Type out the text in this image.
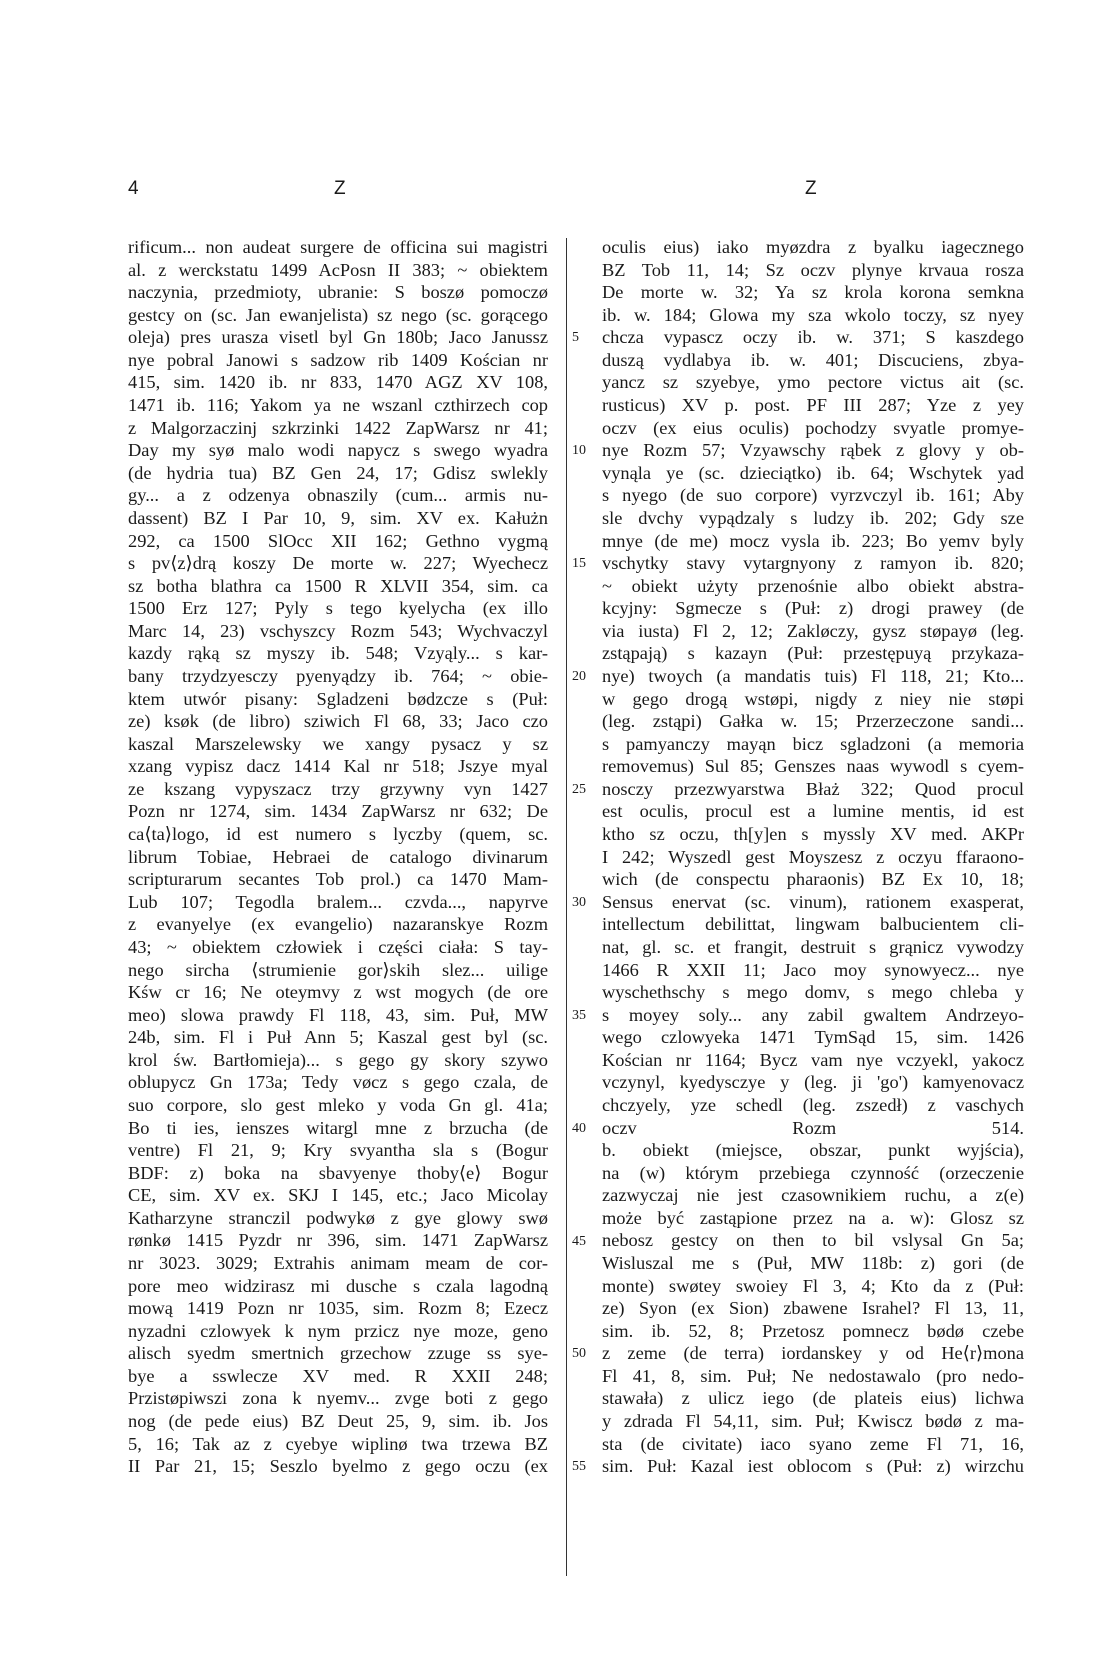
4	Z	Z
rificum... non audeat surgere de officina sui magistri
al. z werckstatu 1499 AcPosn II 383; ~ obiektem
naczynia, przedmioty, ubranie: S boszø pomoczø
gestcy on (sc. Jan ewanjelista) sz nego (sc. gorącego
oleja) pres urasza visetl byl Gn 180b; Jaco Janussz
nye pobral Janowi s sadzow rib 1409 Kościan nr
415, sim. 1420 ib. nr 833, 1470 AGZ XV 108,
1471 ib. 116; Yakom ya ne wszanl czthirzech cop
z Malgorzaczinj szkrzinki 1422 ZapWarsz nr 41;
Day my syø malo wodi napycz s swego wyadra
(de hydria tua) BZ Gen 24, 17; Gdisz swlekly
gy... a z odzenya obnaszily (cum... armis nu-
dassent) BZ I Par 10, 9, sim. XV ex. Kałużn
292, ca 1500 SlOcc XII 162; Gethno vygmą
s pv⟨z⟩drą koszy De morte w. 227; Wyechecz
sz botha blathra ca 1500 R XLVII 354, sim. ca
1500 Erz 127; Pyly s tego kyelycha (ex illo
Marc 14, 23) vschyszcy Rozm 543; Wychvaczyl
kazdy rąką sz myszy ib. 548; Vzyąly... s kar-
bany trzydzyesczy pyenyądzy ib. 764; ~ obie-
ktem utwór pisany: Sgladzeni bødzcze s (Puł:
ze) ksøk (de libro) sziwich Fl 68, 33; Jaco czo
kaszal Marszelewsky we xangy pysacz y sz
xzang vypisz dacz 1414 Kal nr 518; Jszye myal
ze kszang vypyszacz trzy grzywny vyn 1427
Pozn nr 1274, sim. 1434 ZapWarsz nr 632; De
ca⟨ta⟩logo, id est numero s lyczby (quem, sc.
librum Tobiae, Hebraei de catalogo divinarum
scripturarum secantes Tob prol.) ca 1470 Mam-
Lub 107; Tegodla bralem... czvda..., napyrve
z evanyelye (ex evangelio) nazaranskye Rozm
43; ~ obiektem człowiek i części ciała: S tay-
nego sircha ⟨strumienie gor⟩skih slez... uilige
Kśw cr 16; Ne oteymvy z wst mogych (de ore
meo) slowa prawdy Fl 118, 43, sim. Puł, MW
24b, sim. Fl i Puł Ann 5; Kaszal gest byl (sc.
krol św. Bartłomieja)... s gego gy skory szywo
oblupycz Gn 173a; Tedy vøcz s gego czala, de
suo corpore, slo gest mleko y voda Gn gl. 41a;
Bo ti ies, ienszes witargl mne z brzucha (de
ventre) Fl 21, 9; Kry svyantha sla s (Bogur
BDF: z) boka na sbavyenye thoby⟨e⟩ Bogur
CE, sim. XV ex. SKJ I 145, etc.; Jaco Micolay
Katharzyne stranczil podwykø z gye glowy swø
rønkø 1415 Pyzdr nr 396, sim. 1471 ZapWarsz
nr 3023. 3029; Extrahis animam meam de cor-
pore meo widzirasz mi dusche s czala lagodną
mową 1419 Pozn nr 1035, sim. Rozm 8; Ezecz
nyzadni czlowyek k nym przicz nye moze, geno
alisch syedm smertnich grzechow zzuge ss sye-
bye a sswlecze XV med. R XXII 248;
Przistøpiwszi zona k nyemv... zvge boti z gego
nog (de pede eius) BZ Deut 25, 9, sim. ib. Jos
5, 16; Tak az z cyebye wiplinø twa trzewa BZ
II Par 21, 15; Seszlo byelmo z gego oczu (ex
5
10
15
20
25
30
35
40
45
50
55
oculis eius) iako myøzdra z byalku iagecznego
BZ Tob 11, 14; Sz oczv plynye krvaua rosza
De morte w. 32; Ya sz krola korona semkna
ib. w. 184; Glowa my sza wkolo toczy, sz nyey
chcza vypascz oczy ib. w. 371; S kaszdego
duszą vydlabya ib. w. 401; Discuciens, zbya-
yancz sz szyebye, ymo pectore victus ait (sc.
rusticus) XV p. post. PF III 287; Yze z yey
oczv (ex eius oculis) pochodzy svyatle promye-
nye Rozm 57; Vzyawschy rąbek z glovy y ob-
vynąla ye (sc. dzieciątko) ib. 64; Wschytek yad
s nyego (de suo corpore) vyrzvczyl ib. 161; Aby
sle dvchy vypądzaly s ludzy ib. 202; Gdy sze
mnye (de me) mocz vysla ib. 223; Bo yemv byly
vschytky stavy vytargnyony z ramyon ib. 820;
~ obiekt użyty przenośnie albo obiekt abstra-
kcyjny: Sgmecze s (Puł: z) drogi prawey (de
via iusta) Fl 2, 12; Zakløczy, gysz støpayø (leg.
zstąpają) s kazayn (Puł: przestępuyą przykaza-
nye) twoych (a mandatis tuis) Fl 118, 21; Kto...
w gego drogą wstøpi, nigdy z niey nie støpi
(leg. zstąpi) Gałka w. 15; Przerzeczone sandi...
s pamyanczy mayąn bicz sgladzoni (a memoria
removemus) Sul 85; Genszes naas wywodl s cyem-
nosczy przezwyarstwa Błaż 322; Quod procul
est oculis, procul est a lumine mentis, id est
ktho sz oczu, th[y]en s myssly XV med. AKPr
I 242; Wyszedl gest Moyszesz z oczyu ffaraono-
wich (de conspectu pharaonis) BZ Ex 10, 18;
Sensus enervat (sc. vinum), rationem exasperat,
intellectum debilittat, lingwam balbucientem cli-
nat, gl. sc. et frangit, destruit s grąnicz vywodzy
1466 R XXII 11; Jaco moy synowyecz... nye
wyschethschy s mego domv, s mego chleba y
s moyey soly... any zabil gwaltem Andrzeyo-
wego czlowyeka 1471 TymSąd 15, sim. 1426
Kościan nr 1164; Bycz vam nye vczyekl, yakocz
vczynyl, kyedysczye y (leg. ji 'go') kamyenovacz
chczyely, yze schedl (leg. zszedł) z vaschych
oczv Rozm 514.
b. obiekt (miejsce, obszar, punkt wyjścia),
na (w) którym przebiega czynność (orzeczenie
zazwyczaj nie jest czasownikiem ruchu, a z(e)
może być zastąpione przez na a. w): Glosz sz
nebosz gestcy on then to bil vslysal Gn 5a;
Wisluszal me s (Puł, MW 118b: z) gori (de
monte) swøtey swoiey Fl 3, 4; Kto da z (Puł:
ze) Syon (ex Sion) zbawene Israhel? Fl 13, 11,
sim. ib. 52, 8; Przetosz pomnecz bødø czebe
z zeme (de terra) iordanskey y od He⟨r⟩mona
Fl 41, 8, sim. Puł; Ne nedostawalo (pro nedo-
stawała) z ulicz iego (de plateis eius) lichwa
y zdrada Fl 54,11, sim. Puł; Kwiscz bødø z ma-
sta (de civitate) iaco syano zeme Fl 71, 16,
sim. Puł: Kazal iest oblocom s (Puł: z) wirzchu
